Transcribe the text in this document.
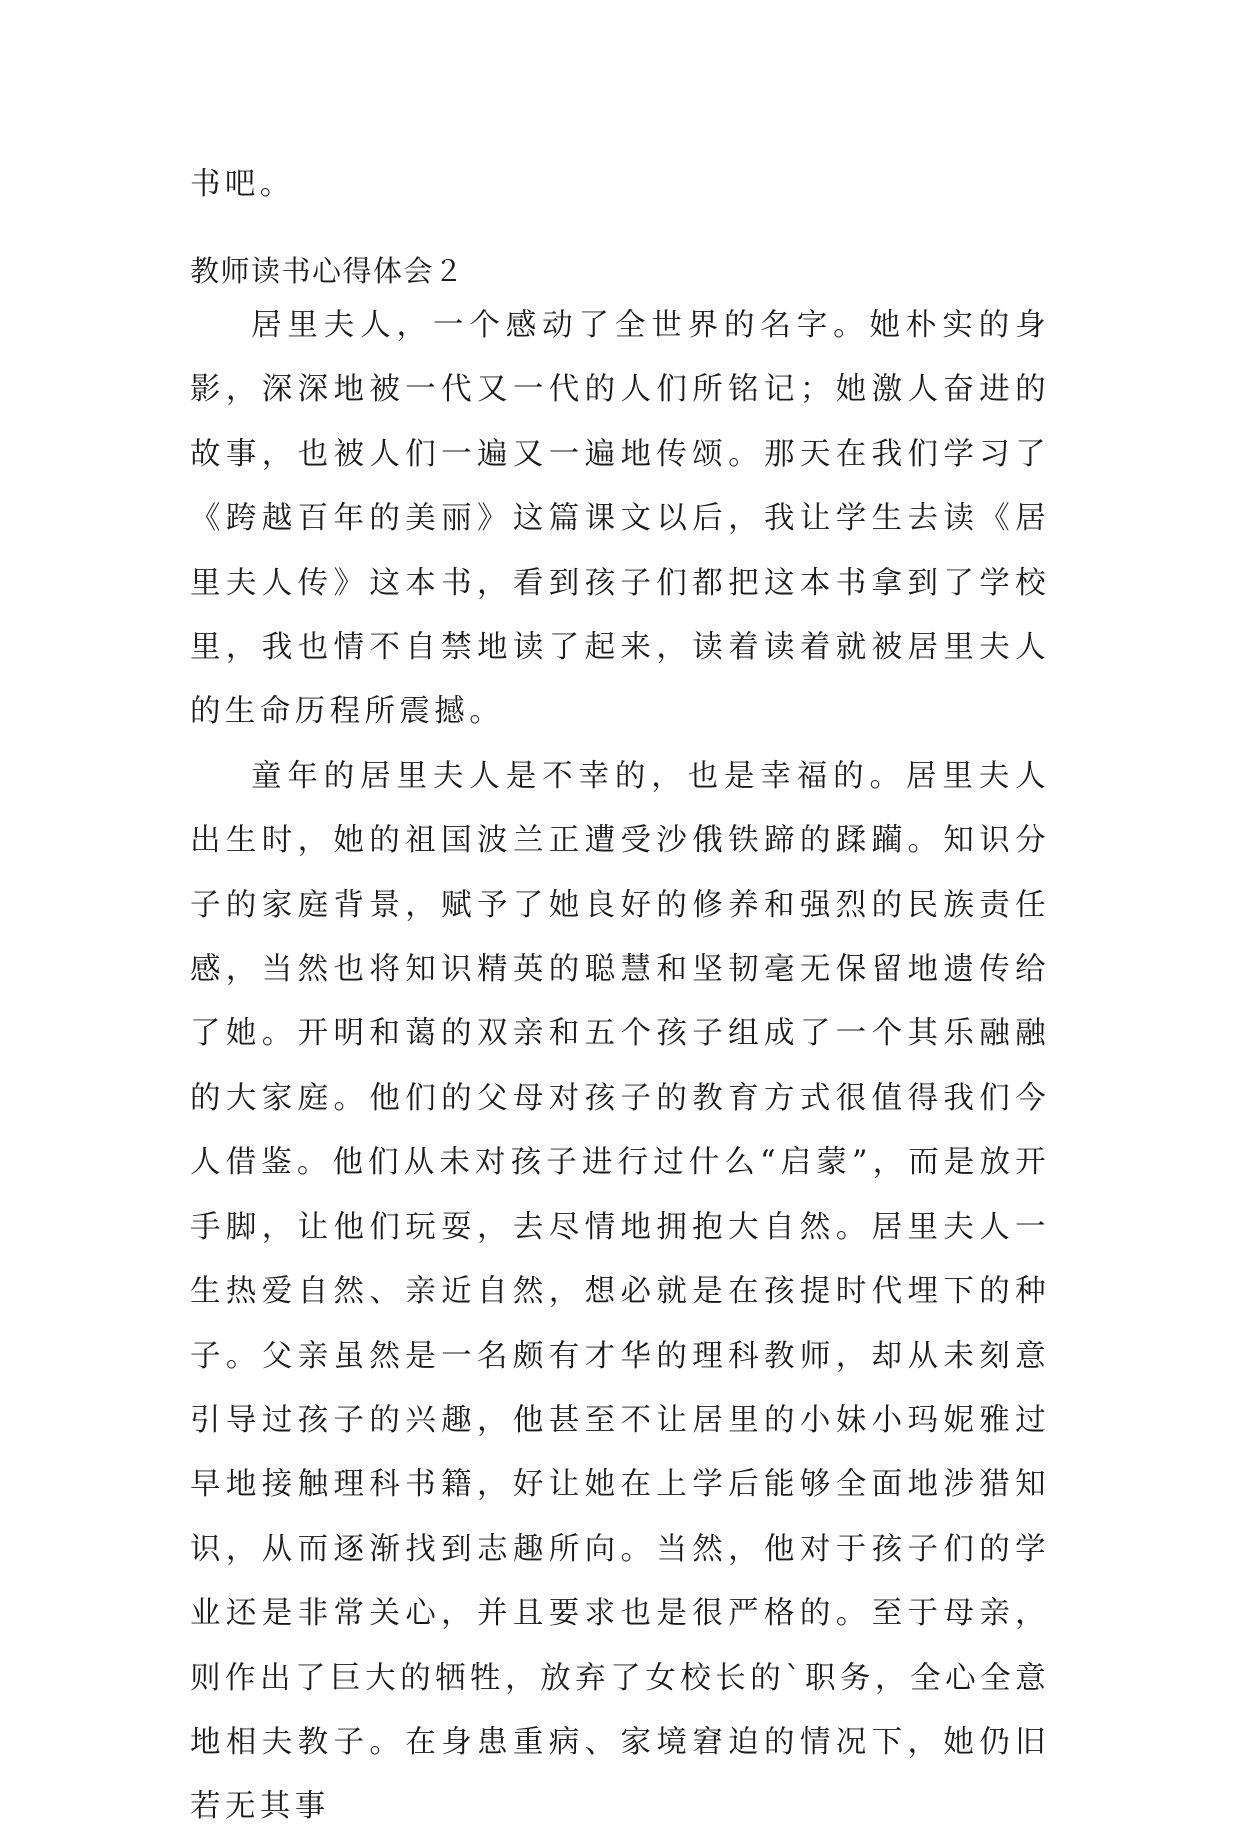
书吧。
教师读书心得体会２

居里夫人，一个感动了全世界的名字。她朴实的身影，深深地被一代又一代的人们所铭记；她激人奋进的故事，也被人们一遍又一遍地传颂。那天在我们学习了《跨越百年的美丽》这篇课文以后，我让学生去读《居里夫人传》这本书，看到孩子们都把这本书拿到了学校里，我也情不自禁地读了起来，读着读着就被居里夫人的生命历程所震撼。

童年的居里夫人是不幸的，也是幸福的。居里夫人出生时，她的祖国波兰正遭受沙俄铁蹄的蹂躏。知识分子的家庭背景，赋予了她良好的修养和强烈的民族责任感，当然也将知识精英的聪慧和坚韧毫无保留地遗传给了她。开明和蔼的双亲和五个孩子组成了一个其乐融融的大家庭。他们的父母对孩子的教育方式很值得我们今人借鉴。他们从未对孩子进行过什么“启蒙”，而是放开手脚，让他们玩耍，去尽情地拥抱大自然。居里夫人一生热爱自然、亲近自然，想必就是在孩提时代埋下的种子。父亲虽然是一名颇有才华的理科教师，却从未刻意引导过孩子的兴趣，他甚至不让居里的小妹小玛妮雅过早地接触理科书籍，好让她在上学后能够全面地涉猎知识，从而逐渐找到志趣所向。当然，他对于孩子们的学业还是非常关心，并且要求也是很严格的。至于母亲，则作出了巨大的牺牲，放弃了女校长的`职务，全心全意地相夫教子。在身患重病、家境窘迫的情况下，她仍旧若无其事
